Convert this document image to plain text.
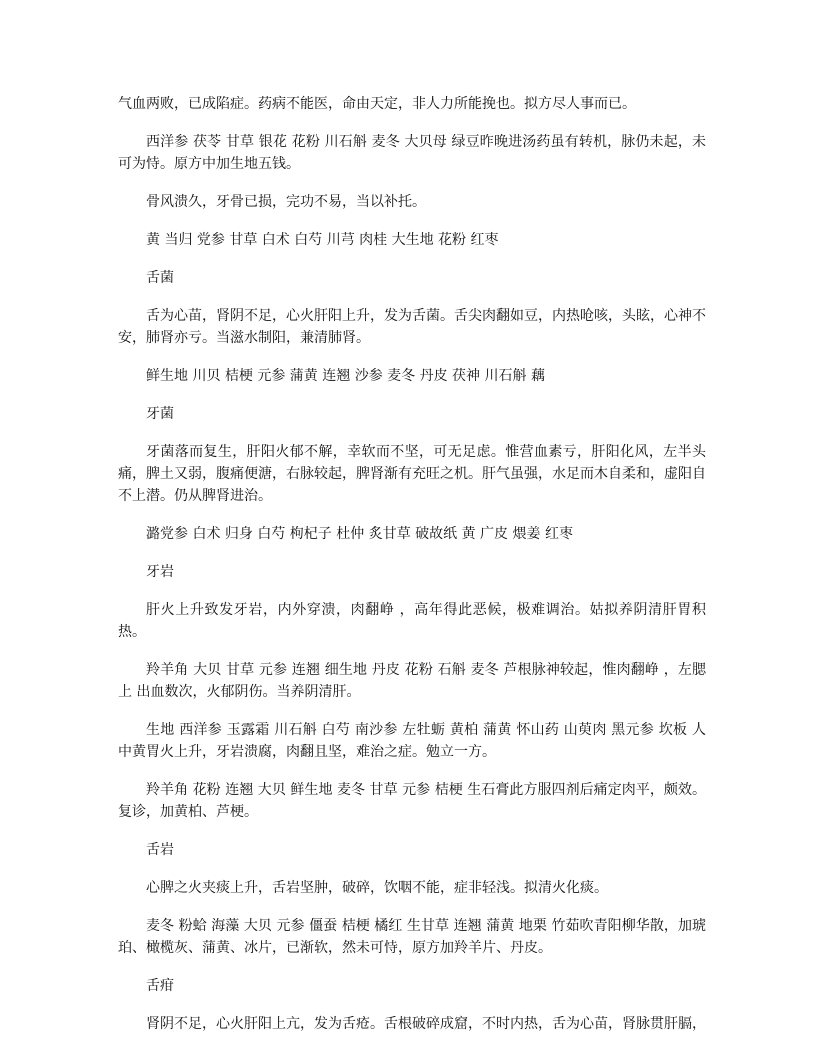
气血两败，已成陷症。药病不能医，命由天定，非人力所能挽也。拟方尽人事而已。

西洋参 茯苓 甘草 银花 花粉 川石斛 麦冬 大贝母 绿豆昨晚进汤药虽有转机，脉仍未起，未可为恃。原方中加生地五钱。

骨风溃久，牙骨已损，完功不易，当以补托。

黄 当归 党参 甘草 白术 白芍 川芎 肉桂 大生地 花粉 红枣

舌菌

舌为心苗，肾阴不足，心火肝阳上升，发为舌菌。舌尖肉翻如豆，内热呛咳，头眩，心神不安，肺肾亦亏。当滋水制阳，兼清肺肾。

鲜生地 川贝 桔梗 元参 蒲黄 连翘 沙参 麦冬 丹皮 茯神 川石斛 藕

牙菌

牙菌落而复生，肝阳火郁不解，幸软而不坚，可无足虑。惟营血素亏，肝阳化风，左半头痛，脾土又弱，腹痛便溏，右脉较起，脾肾渐有充旺之机。肝气虽强，水足而木自柔和，虚阳自不上潜。仍从脾肾进治。

潞党参 白术 归身 白芍 枸杞子 杜仲 炙甘草 破故纸 黄 广皮 煨姜 红枣

牙岩

肝火上升致发牙岩，内外穿溃，肉翻峥 ，高年得此恶候，极难调治。姑拟养阴清肝胃积热。

羚羊角 大贝 甘草 元参 连翘 细生地 丹皮 花粉 石斛 麦冬 芦根脉神较起，惟肉翻峥 ，左腮上 出血数次，火郁阴伤。当养阴清肝。

生地 西洋参 玉露霜 川石斛 白芍 南沙参 左牡蛎 黄柏 蒲黄 怀山药 山萸肉 黑元参 坎板 人中黄胃火上升，牙岩溃腐，肉翻且坚，难治之症。勉立一方。

羚羊角 花粉 连翘 大贝 鲜生地 麦冬 甘草 元参 桔梗 生石膏此方服四剂后痛定肉平，颇效。复诊，加黄柏、芦梗。

舌岩

心脾之火夹痰上升，舌岩坚肿，破碎，饮咽不能，症非轻浅。拟清火化痰。

麦冬 粉蛤 海藻 大贝 元参 僵蚕 桔梗 橘红 生甘草 连翘 蒲黄 地栗 竹茹吹青阳柳华散，加琥珀、橄榄灰、蒲黄、冰片，已渐软，然未可恃，原方加羚羊片、丹皮。

舌疳

肾阴不足，心火肝阳上亢，发为舌疮。舌根破碎成窟，不时内热，舌为心苗，肾脉贯肝膈，
